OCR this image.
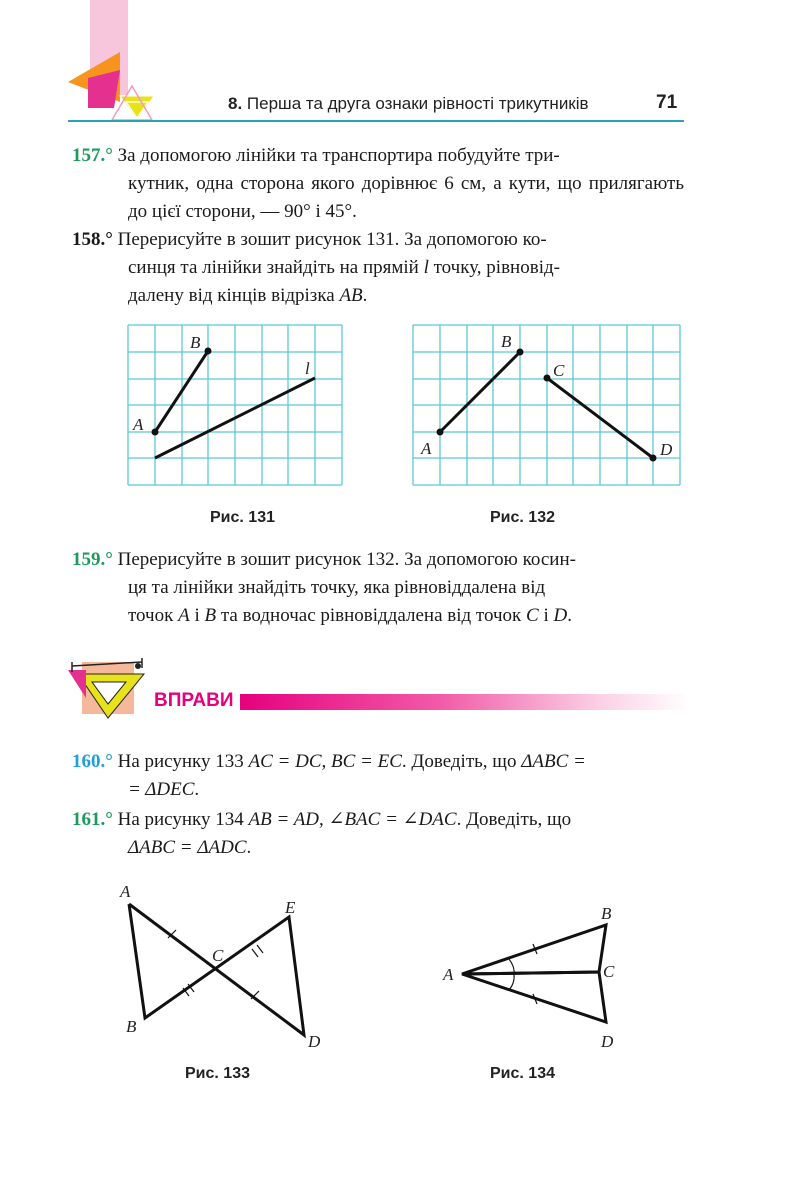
8. Перша та друга ознаки рівності трикутників	71
157.° За допомогою лінійки та транспортира побудуйте три-
кутник, одна сторона якого дорівнює 6 см, а кути, що прилягають до цієї сторони, — 90° і 45°.
158.° Перерисуйте в зошит рисунок 131. За допомогою ко-
синця та лінійки знайдіть на прямій l точку, рівновід-
далену від кінців відрізка AB.
A
B
l
Рис. 131
A
B
C
D
Рис. 132
159.° Перерисуйте в зошит рисунок 132. За допомогою косин-
ця та лінійки знайдіть точку, яка рівновіддалена від
точок A і B та водночас рівновіддалена від точок C і D.
ВПРАВИ
160.° На рисунку 133 AC = DC, BC = EC. Доведіть, що ΔABC =
= ΔDEC.
161.° На рисунку 134 AB = AD, ∠BAC = ∠DAC. Доведіть, що
ΔABC = ΔADC.
A
B
C
D
E
Рис. 133
A
B
C
D
Рис. 134
